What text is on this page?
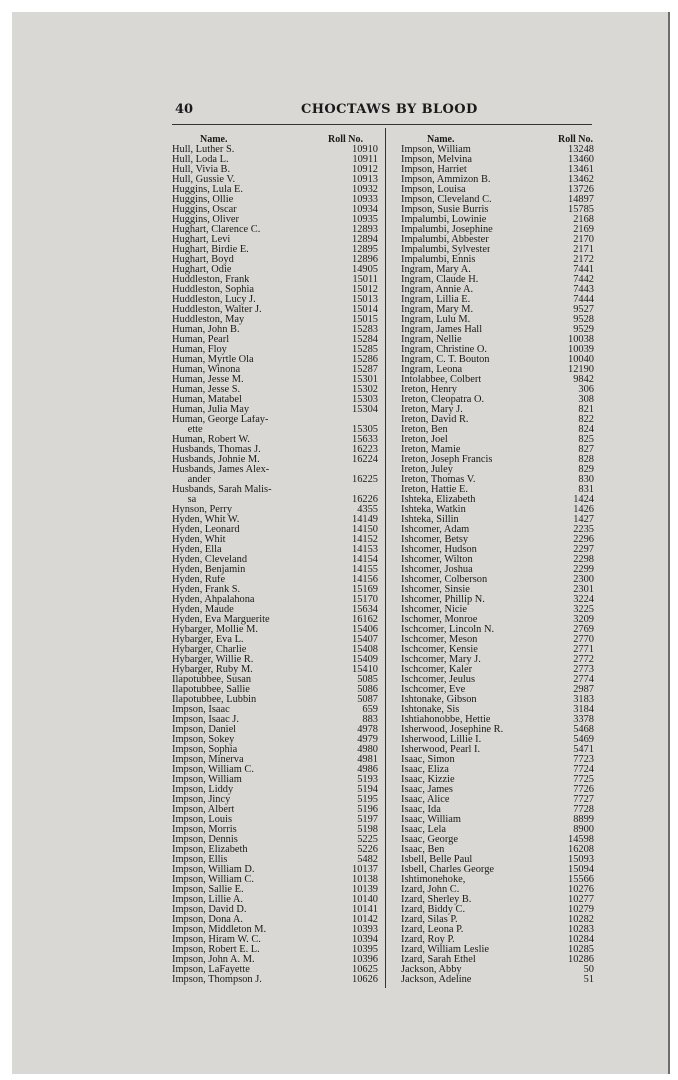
40	CHOCTAWS BY BLOOD
Name.	Roll No.
Hull, Luther S.	10910
Hull, Loda L.	10911
Hull, Vivia B.	10912
Hull, Gussie V.	10913
Huggins, Lula E.	10932
Huggins, Ollie	10933
Huggins, Oscar	10934
Huggins, Oliver	10935
Hughart, Clarence C.	12893
Hughart, Levi	12894
Hughart, Birdie E.	12895
Hughart, Boyd	12896
Hughart, Odie	14905
Huddleston, Frank	15011
Huddleston, Sophia	15012
Huddleston, Lucy J.	15013
Huddleston, Walter J.	15014
Huddleston, May	15015
Human, John B.	15283
Human, Pearl	15284
Human, Floy	15285
Human, Myrtle Ola	15286
Human, Winona	15287
Human, Jesse M.	15301
Human, Jesse S.	15302
Human, Matabel	15303
Human, Julia May	15304
Human, George Lafay-
ette	15305
Human, Robert W.	15633
Husbands, Thomas J.	16223
Husbands, Johnie M.	16224
Husbands, James Alex-
ander	16225
Husbands, Sarah Malis-
sa	16226
Hynson, Perry	4355
Hyden, Whit W.	14149
Hyden, Leonard	14150
Hyden, Whit	14152
Hyden, Ella	14153
Hyden, Cleveland	14154
Hyden, Benjamin	14155
Hyden, Rufe	14156
Hyden, Frank S.	15169
Hyden, Ahpalahona	15170
Hyden, Maude	15634
Hyden, Eva Marguerite	16162
Hybarger, Mollie M.	15406
Hybarger, Eva L.	15407
Hybarger, Charlie	15408
Hybarger, Willie R.	15409
Hybarger, Ruby M.	15410
Ilapotubbee, Susan	5085
Ilapotubbee, Sallie	5086
Ilapotubbee, Lubbin	5087
Impson, Isaac	659
Impson, Isaac J.	883
Impson, Daniel	4978
Impson, Sokey	4979
Impson, Sophia	4980
Impson, Minerva	4981
Impson, William C.	4986
Impson, William	5193
Impson, Liddy	5194
Impson, Jincy	5195
Impson, Albert	5196
Impson, Louis	5197
Impson, Morris	5198
Impson, Dennis	5225
Impson, Elizabeth	5226
Impson, Ellis	5482
Impson, William D.	10137
Impson, William C.	10138
Impson, Sallie E.	10139
Impson, Lillie A.	10140
Impson, David D.	10141
Impson, Dona A.	10142
Impson, Middleton M.	10393
Impson, Hiram W. C.	10394
Impson, Robert E. L.	10395
Impson, John A. M.	10396
Impson, LaFayette	10625
Impson, Thompson J.	10626
Name.	Roll No.
Impson, William	13248
Impson, Melvina	13460
Impson, Harriet	13461
Impson, Ammizon B.	13462
Impson, Louisa	13726
Impson, Cleveland C.	14897
Impson, Susie Burris	15785
Impalumbi, Lowinie	2168
Impalumbi, Josephine	2169
Impalumbi, Abbester	2170
Impalumbi, Sylvester	2171
Impalumbi, Ennis	2172
Ingram, Mary A.	7441
Ingram, Claude H.	7442
Ingram, Annie A.	7443
Ingram, Lillia E.	7444
Ingram, Mary M.	9527
Ingram, Lulu M.	9528
Ingram, James Hall	9529
Ingram, Nellie	10038
Ingram, Christine O.	10039
Ingram, C. T. Bouton	10040
Ingram, Leona	12190
Intolabbee, Colbert	9842
Ireton, Henry	306
Ireton, Cleopatra O.	308
Ireton, Mary J.	821
Ireton, David R.	822
Ireton, Ben	824
Ireton, Joel	825
Ireton, Mamie	827
Ireton, Joseph Francis	828
Ireton, Juley	829
Ireton, Thomas V.	830
Ireton, Hattie E.	831
Ishteka, Elizabeth	1424
Ishteka, Watkin	1426
Ishteka, Sillin	1427
Ishcomer, Adam	2235
Ishcomer, Betsy	2296
Ishcomer, Hudson	2297
Ishcomer, Wilton	2298
Ishcomer, Joshua	2299
Ishcomer, Colberson	2300
Ishcomer, Sinsie	2301
Ishcomer, Phillip N.	3224
Ishcomer, Nicie	3225
Ischomer, Monroe	3209
Ischcomer, Lincoln N.	2769
Ischcomer, Meson	2770
Ischcomer, Kensie	2771
Ischcomer, Mary J.	2772
Ischcomer, Kaler	2773
Ischcomer, Jeulus	2774
Ischcomer, Eve	2987
Ishtonake, Gibson	3183
Ishtonake, Sis	3184
Ishtiahonobbe, Hettie	3378
Isherwood, Josephine R.	5468
Isherwood, Lillie I.	5469
Isherwood, Pearl I.	5471
Isaac, Simon	7723
Isaac, Eliza	7724
Isaac, Kizzie	7725
Isaac, James	7726
Isaac, Alice	7727
Isaac, Ida	7728
Isaac, William	8899
Isaac, Lela	8900
Isaac, George	14598
Isaac, Ben	16208
Isbell, Belle Paul	15093
Isbell, Charles George	15094
Ishtimonehoke,	15566
Izard, John C.	10276
Izard, Sherley B.	10277
Izard, Biddy C.	10279
Izard, Silas P.	10282
Izard, Leona P.	10283
Izard, Roy P.	10284
Izard, William Leslie	10285
Izard, Sarah Ethel	10286
Jackson, Abby	50
Jackson, Adeline	51
